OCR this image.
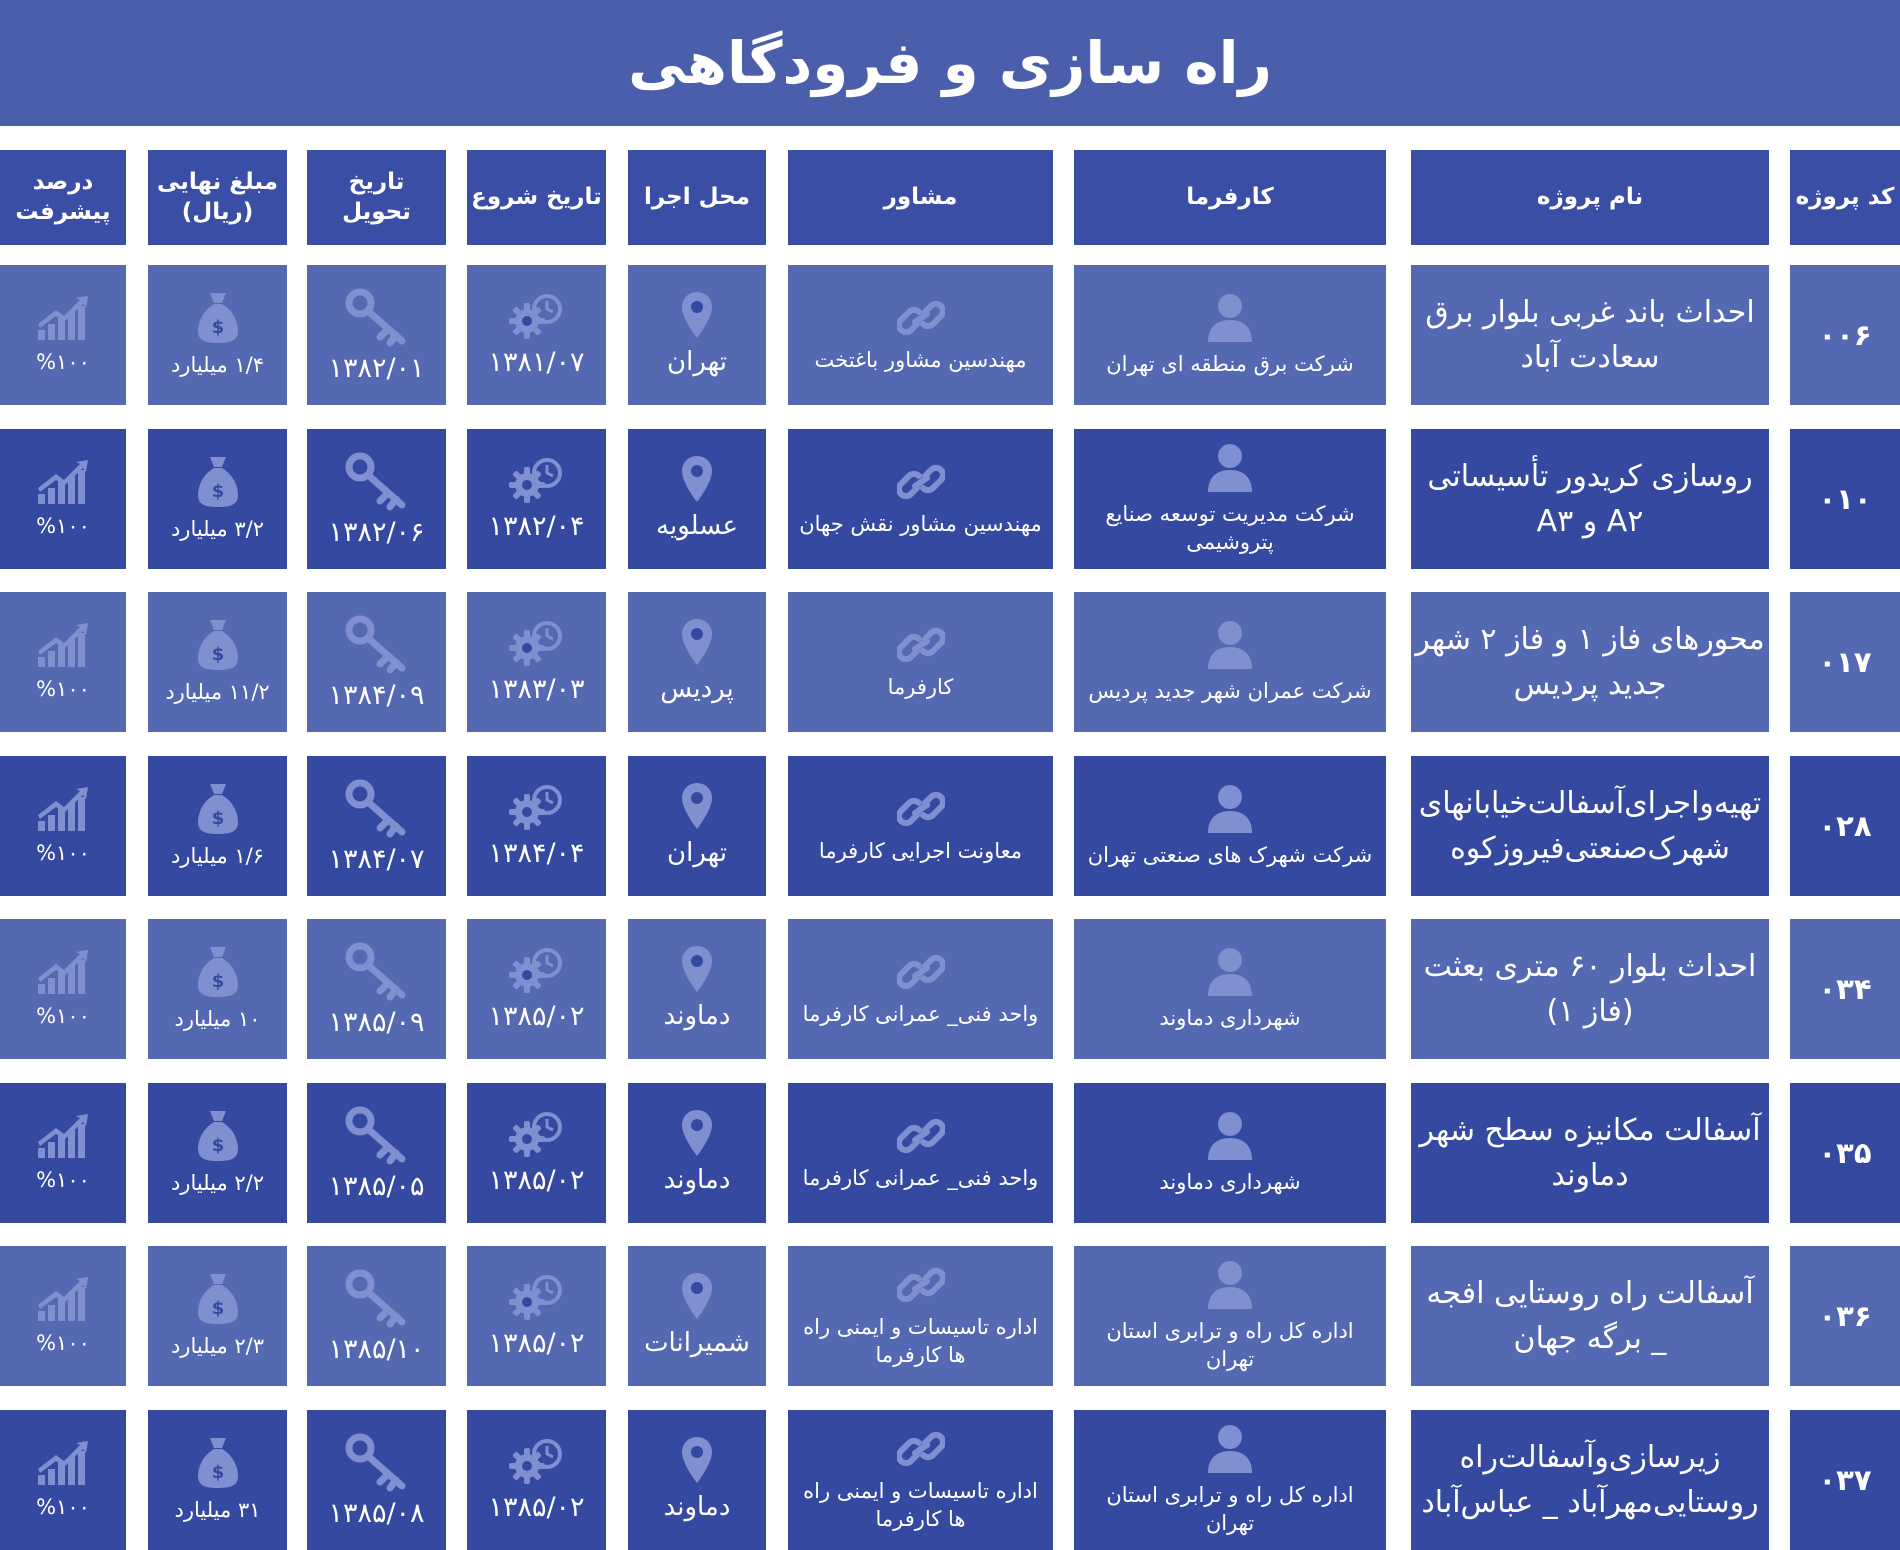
راه سازی و فرودگاهی
کد پروژه
نام پروژه
کارفرما
مشاور
محل اجرا
تاریخ شروع
تاریخ تحویل
مبلغ نهایی
(ریال)
درصد
پیشرفت
۰۰۶
احداث باند غربی بلوار برق
سعادت آباد
شرکت برق منطقه ای تهران
مهندسین مشاور باغتخت
تهران
۱۳۸۱/۰۷
۱۳۸۲/۰۱
$
۱/۴ میلیارد
%۱۰۰
۰۱۰
روسازی کریدور تأسیساتی
A۲ و A۳
شرکت مدیریت توسعه صنایع
پتروشیمی
مهندسین مشاور نقش جهان
عسلویه
۱۳۸۲/۰۴
۱۳۸۲/۰۶
$
۳/۲ میلیارد
%۱۰۰
۰۱۷
محورهای فاز ۱ و فاز ۲ شهر
جدید پردیس
شرکت عمران شهر جدید پردیس
کارفرما
پردیس
۱۳۸۳/۰۳
۱۳۸۴/۰۹
$
۱۱/۲ میلیارد
%۱۰۰
۰۲۸
تهیه‌واجرای‌آسفالت‌خیابانهای
شهرک‌صنعتی‌فیروزکوه
شرکت شهرک های صنعتی تهران
معاونت اجرایی کارفرما
تهران
۱۳۸۴/۰۴
۱۳۸۴/۰۷
$
۱/۶ میلیارد
%۱۰۰
۰۳۴
احداث بلوار ۶۰ متری بعثت
(فاز ۱)
شهرداری دماوند
واحد فنی_ عمرانی کارفرما
دماوند
۱۳۸۵/۰۲
۱۳۸۵/۰۹
$
۱۰ میلیارد
%۱۰۰
۰۳۵
آسفالت مکانیزه سطح شهر
دماوند
شهرداری دماوند
واحد فنی_ عمرانی کارفرما
دماوند
۱۳۸۵/۰۲
۱۳۸۵/۰۵
$
۲/۲ میلیارد
%۱۰۰
۰۳۶
آسفالت راه روستایی افجه
_ برگه جهان
اداره کل راه و ترابری استان
تهران
اداره تاسیسات و ایمنی راه
ها کارفرما
شمیرانات
۱۳۸۵/۰۲
۱۳۸۵/۱۰
$
۲/۳ میلیارد
%۱۰۰
۰۳۷
زیرسازی‌وآسفالت‌راه
روستایی‌مهرآباد _ عباس‌آباد
اداره کل راه و ترابری استان
تهران
اداره تاسیسات و ایمنی راه
ها کارفرما
دماوند
۱۳۸۵/۰۲
۱۳۸۵/۰۸
$
۳۱ میلیارد
%۱۰۰
